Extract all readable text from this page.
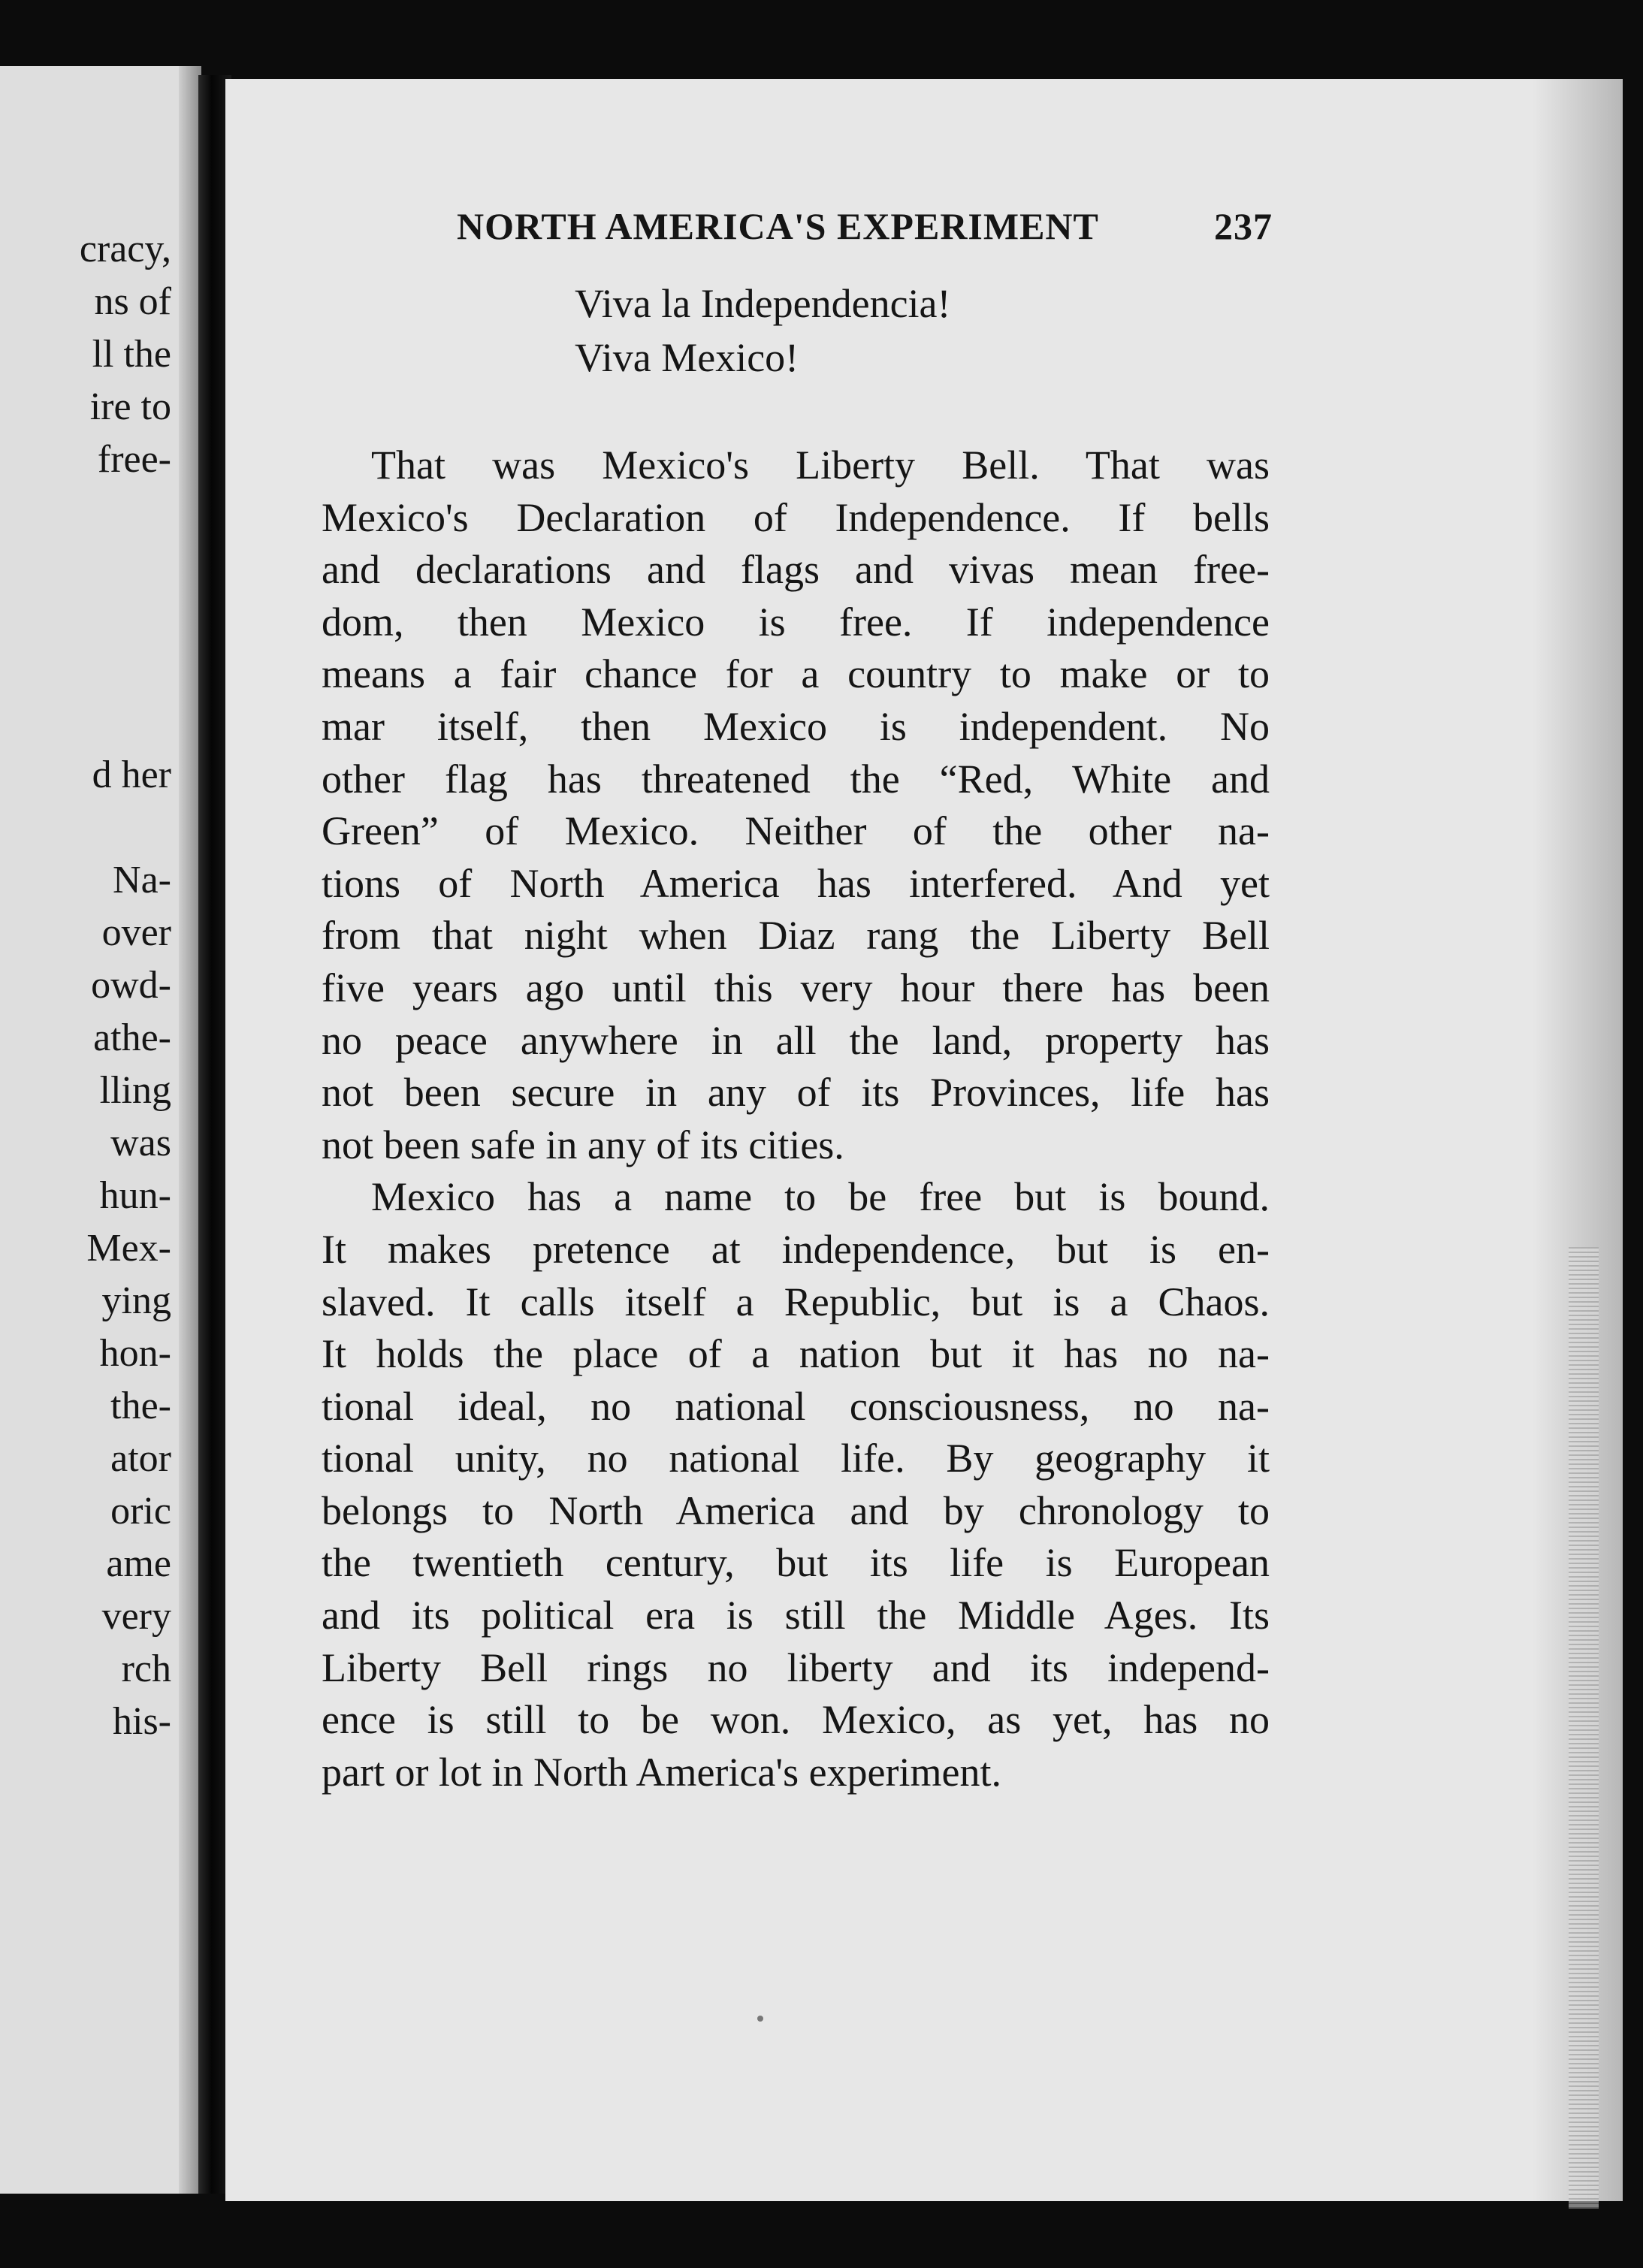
cracy,
ns of
ll the
ire to
free-
d her
Na-
over
owd-
athe-
lling
was
hun-
Mex-
ying
hon-
the-
ator
oric
ame
very
rch
his-
NORTH AMERICA'S EXPERIMENT	237
Viva la Independencia!
Viva Mexico!
That was Mexico's Liberty Bell. That was
Mexico's Declaration of Independence. If bells
and declarations and flags and vivas mean free-
dom, then Mexico is free. If independence
means a fair chance for a country to make or to
mar itself, then Mexico is independent. No
other flag has threatened the “Red, White and
Green” of Mexico. Neither of the other na-
tions of North America has interfered. And yet
from that night when Diaz rang the Liberty Bell
five years ago until this very hour there has been
no peace anywhere in all the land, property has
not been secure in any of its Provinces, life has
not been safe in any of its cities.
Mexico has a name to be free but is bound.
It makes pretence at independence, but is en-
slaved. It calls itself a Republic, but is a Chaos.
It holds the place of a nation but it has no na-
tional ideal, no national consciousness, no na-
tional unity, no national life. By geography it
belongs to North America and by chronology to
the twentieth century, but its life is European
and its political era is still the Middle Ages. Its
Liberty Bell rings no liberty and its independ-
ence is still to be won. Mexico, as yet, has no
part or lot in North America's experiment.
